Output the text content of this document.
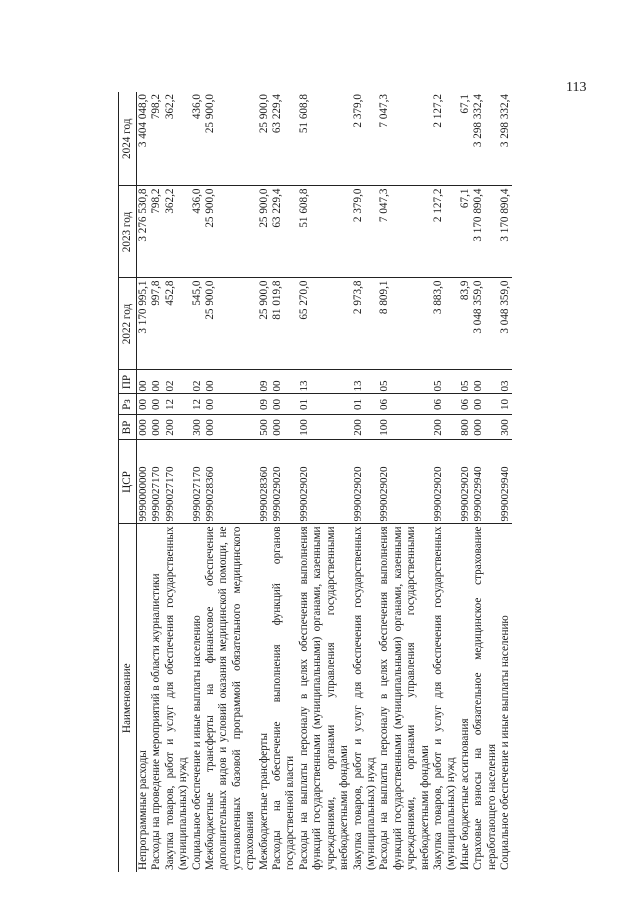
113
Наименование	ЦСР	ВР	Рз	ПР	2022 год	2023 год	2024 год
Непрограммные расходы	9990000000	000	00	00	3 170 995,1	3 276 530,8	3 404 048,0
Расходы на проведение мероприятий в области журналистики	9990027170	000	00	00	997,8	798,2	798,2
Закупка товаров, работ и услуг для обеспечения государственных (муниципальных) нужд	9990027170	200	12	02	452,8	362,2	362,2
Социальное обеспечение и иные выплаты населению	9990027170	300	12	02	545,0	436,0	436,0
Межбюджетные трансферты на финансовое обеспечение дополнительных видов и условий оказания медицинской помощи, не установленных базовой программой обязательного медицинского страхования	9990028360	000	00	00	25 900,0	25 900,0	25 900,0
Межбюджетные трансферты	9990028360	500	09	09	25 900,0	25 900,0	25 900,0
Расходы на обеспечение выполнения функций органов государственной власти	9990029020	000	00	00	81 019,8	63 229,4	63 229,4
Расходы на выплаты персоналу в целях обеспечения выполнения функций государственными (муниципальными) органами, казенными учреждениями, органами управления государственными внебюджетными фондами	9990029020	100	01	13	65 270,0	51 608,8	51 608,8
Закупка товаров, работ и услуг для обеспечения государственных (муниципальных) нужд	9990029020	200	01	13	2 973,8	2 379,0	2 379,0
Расходы на выплаты персоналу в целях обеспечения выполнения функций государственными (муниципальными) органами, казенными учреждениями, органами управления государственными внебюджетными фондами	9990029020	100	06	05	8 809,1	7 047,3	7 047,3
Закупка товаров, работ и услуг для обеспечения государственных (муниципальных) нужд	9990029020	200	06	05	3 883,0	2 127,2	2 127,2
Иные бюджетные ассигнования	9990029020	800	06	05	83,9	67,1	67,1
Страховые взносы на обязательное медицинское страхование неработающего населения	9990029940	000	00	00	3 048 359,0	3 170 890,4	3 298 332,4
Социальное обеспечение и иные выплаты населению	9990029940	300	10	03	3 048 359,0	3 170 890,4	3 298 332,4
